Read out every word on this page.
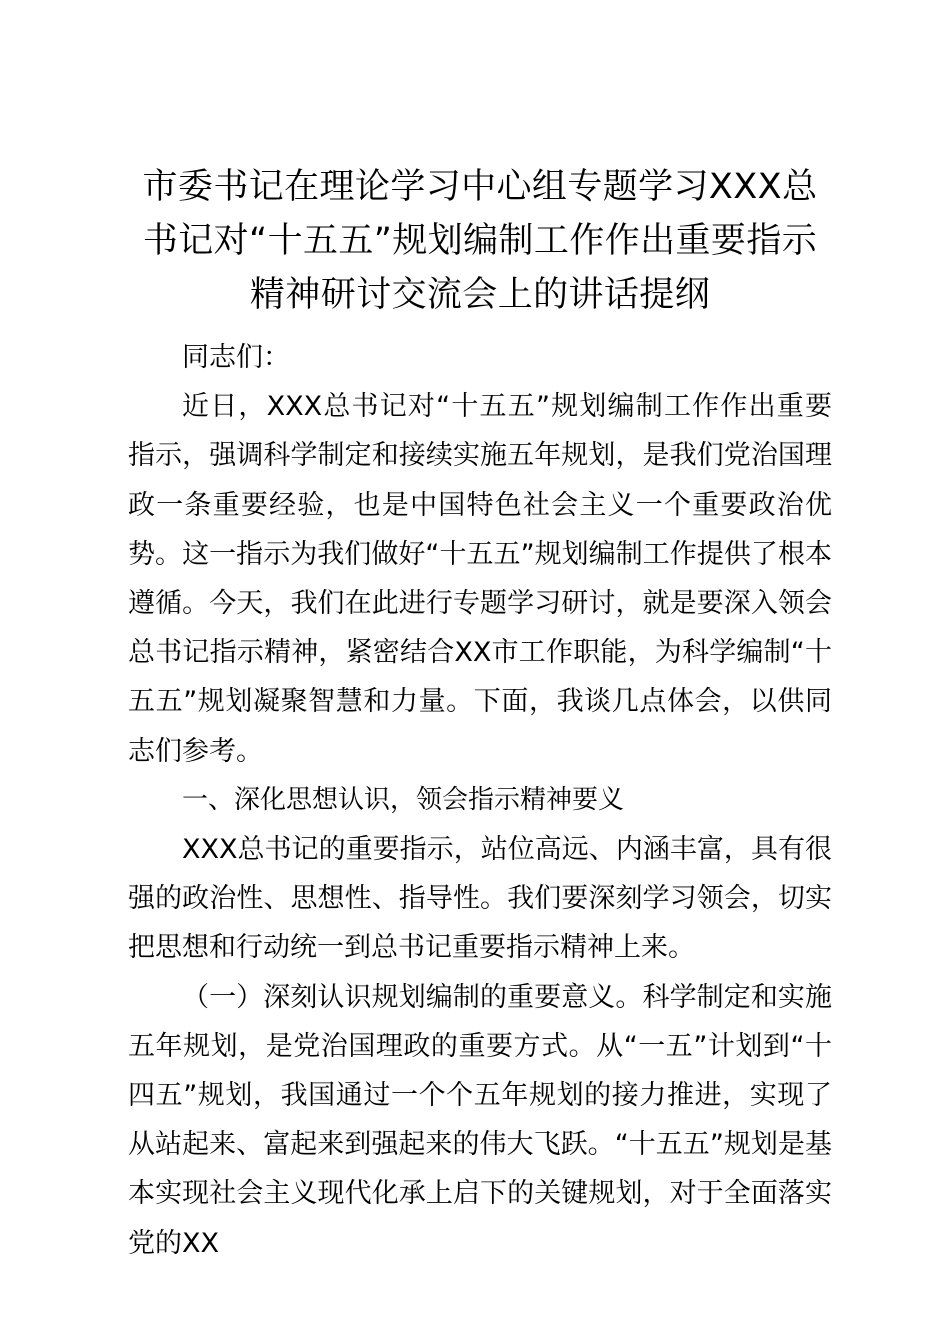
市委书记在理论学习中心组专题学习XXX总书记对“十五五”规划编制工作作出重要指示精神研讨交流会上的讲话提纲

同志们：

近日，XXX总书记对“十五五”规划编制工作作出重要指示，强调科学制定和接续实施五年规划，是我们党治国理政一条重要经验，也是中国特色社会主义一个重要政治优势。这一指示为我们做好“十五五”规划编制工作提供了根本遵循。今天，我们在此进行专题学习研讨，就是要深入领会总书记指示精神，紧密结合XX市工作职能，为科学编制“十五五”规划凝聚智慧和力量。下面，我谈几点体会，以供同志们参考。

一、深化思想认识，领会指示精神要义

XXX总书记的重要指示，站位高远、内涵丰富，具有很强的政治性、思想性、指导性。我们要深刻学习领会，切实把思想和行动统一到总书记重要指示精神上来。

（一）深刻认识规划编制的重要意义。科学制定和实施五年规划，是党治国理政的重要方式。从“一五”计划到“十四五”规划，我国通过一个个五年规划的接力推进，实现了从站起来、富起来到强起来的伟大飞跃。“十五五”规划是基本实现社会主义现代化承上启下的关键规划，对于全面落实党的XX
